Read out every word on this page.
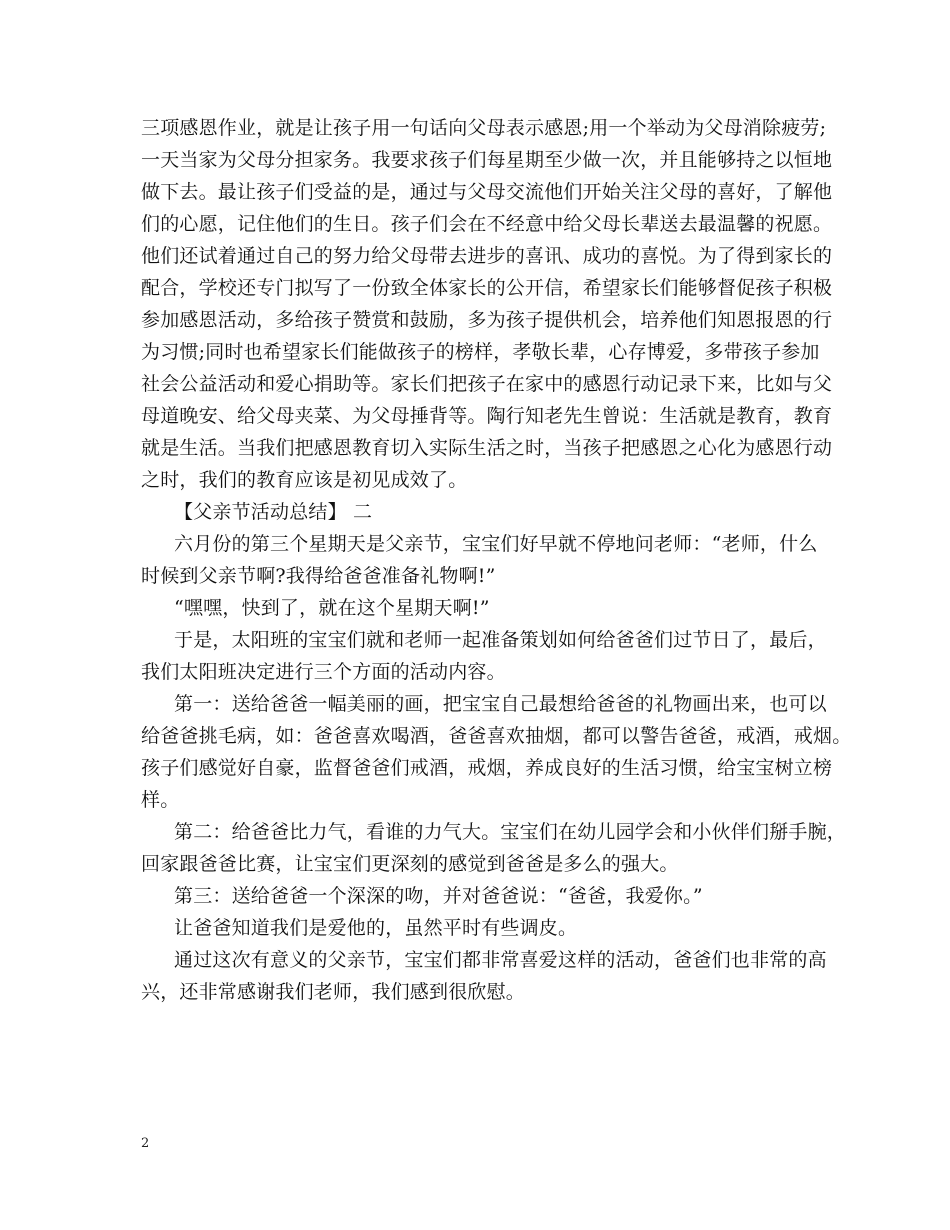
三项感恩作业，就是让孩子用一句话向父母表示感恩;用一个举动为父母消除疲劳;
一天当家为父母分担家务。我要求孩子们每星期至少做一次，并且能够持之以恒地
做下去。最让孩子们受益的是，通过与父母交流他们开始关注父母的喜好，了解他
们的心愿，记住他们的生日。孩子们会在不经意中给父母长辈送去最温馨的祝愿。
他们还试着通过自己的努力给父母带去进步的喜讯、成功的喜悦。为了得到家长的
配合，学校还专门拟写了一份致全体家长的公开信，希望家长们能够督促孩子积极
参加感恩活动，多给孩子赞赏和鼓励，多为孩子提供机会，培养他们知恩报恩的行
为习惯;同时也希望家长们能做孩子的榜样，孝敬长辈，心存博爱，多带孩子参加
社会公益活动和爱心捐助等。家长们把孩子在家中的感恩行动记录下来，比如与父
母道晚安、给父母夹菜、为父母捶背等。陶行知老先生曾说：生活就是教育，教育
就是生活。当我们把感恩教育切入实际生活之时，当孩子把感恩之心化为感恩行动
之时，我们的教育应该是初见成效了。
【父亲节活动总结】 二
六月份的第三个星期天是父亲节，宝宝们好早就不停地问老师：“老师，什么
时候到父亲节啊?我得给爸爸准备礼物啊!”
“嘿嘿，快到了，就在这个星期天啊!”
于是，太阳班的宝宝们就和老师一起准备策划如何给爸爸们过节日了，最后，
我们太阳班决定进行三个方面的活动内容。
第一：送给爸爸一幅美丽的画，把宝宝自己最想给爸爸的礼物画出来，也可以
给爸爸挑毛病，如：爸爸喜欢喝酒，爸爸喜欢抽烟，都可以警告爸爸，戒酒，戒烟。
孩子们感觉好自豪，监督爸爸们戒酒，戒烟，养成良好的生活习惯，给宝宝树立榜
样。
第二：给爸爸比力气，看谁的力气大。宝宝们在幼儿园学会和小伙伴们掰手腕，
回家跟爸爸比赛，让宝宝们更深刻的感觉到爸爸是多么的强大。
第三：送给爸爸一个深深的吻，并对爸爸说：“爸爸，我爱你。”
让爸爸知道我们是爱他的，虽然平时有些调皮。
通过这次有意义的父亲节，宝宝们都非常喜爱这样的活动，爸爸们也非常的高
兴，还非常感谢我们老师，我们感到很欣慰。
2
